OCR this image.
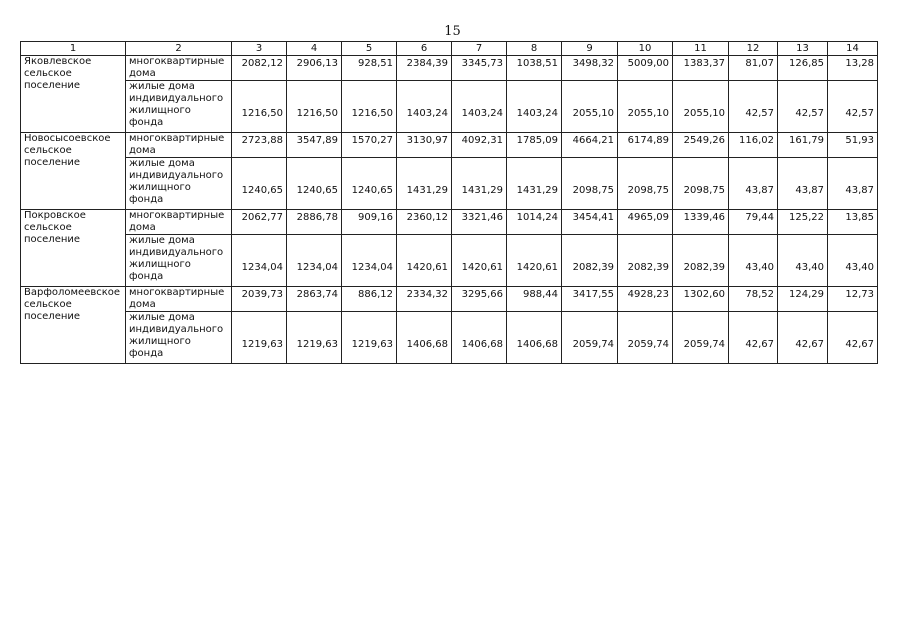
15
1	2	3	4	5	6	7	8	9	10	11	12	13	14
Яковлевское сельское поселение	многоквартирные дома	2082,12	2906,13	928,51	2384,39	3345,73	1038,51	3498,32	5009,00	1383,37	81,07	126,85	13,28
	жилые дома индивидуального жилищного фонда	1216,50	1216,50	1216,50	1403,24	1403,24	1403,24	2055,10	2055,10	2055,10	42,57	42,57	42,57
Новосысоевское сельское поселение	многоквартирные дома	2723,88	3547,89	1570,27	3130,97	4092,31	1785,09	4664,21	6174,89	2549,26	116,02	161,79	51,93
	жилые дома индивидуального жилищного фонда	1240,65	1240,65	1240,65	1431,29	1431,29	1431,29	2098,75	2098,75	2098,75	43,87	43,87	43,87
Покровское сельское поселение	многоквартирные дома	2062,77	2886,78	909,16	2360,12	3321,46	1014,24	3454,41	4965,09	1339,46	79,44	125,22	13,85
	жилые дома индивидуального жилищного фонда	1234,04	1234,04	1234,04	1420,61	1420,61	1420,61	2082,39	2082,39	2082,39	43,40	43,40	43,40
Варфоломеевское сельское поселение	многоквартирные дома	2039,73	2863,74	886,12	2334,32	3295,66	988,44	3417,55	4928,23	1302,60	78,52	124,29	12,73
	жилые дома индивидуального жилищного фонда	1219,63	1219,63	1219,63	1406,68	1406,68	1406,68	2059,74	2059,74	2059,74	42,67	42,67	42,67
